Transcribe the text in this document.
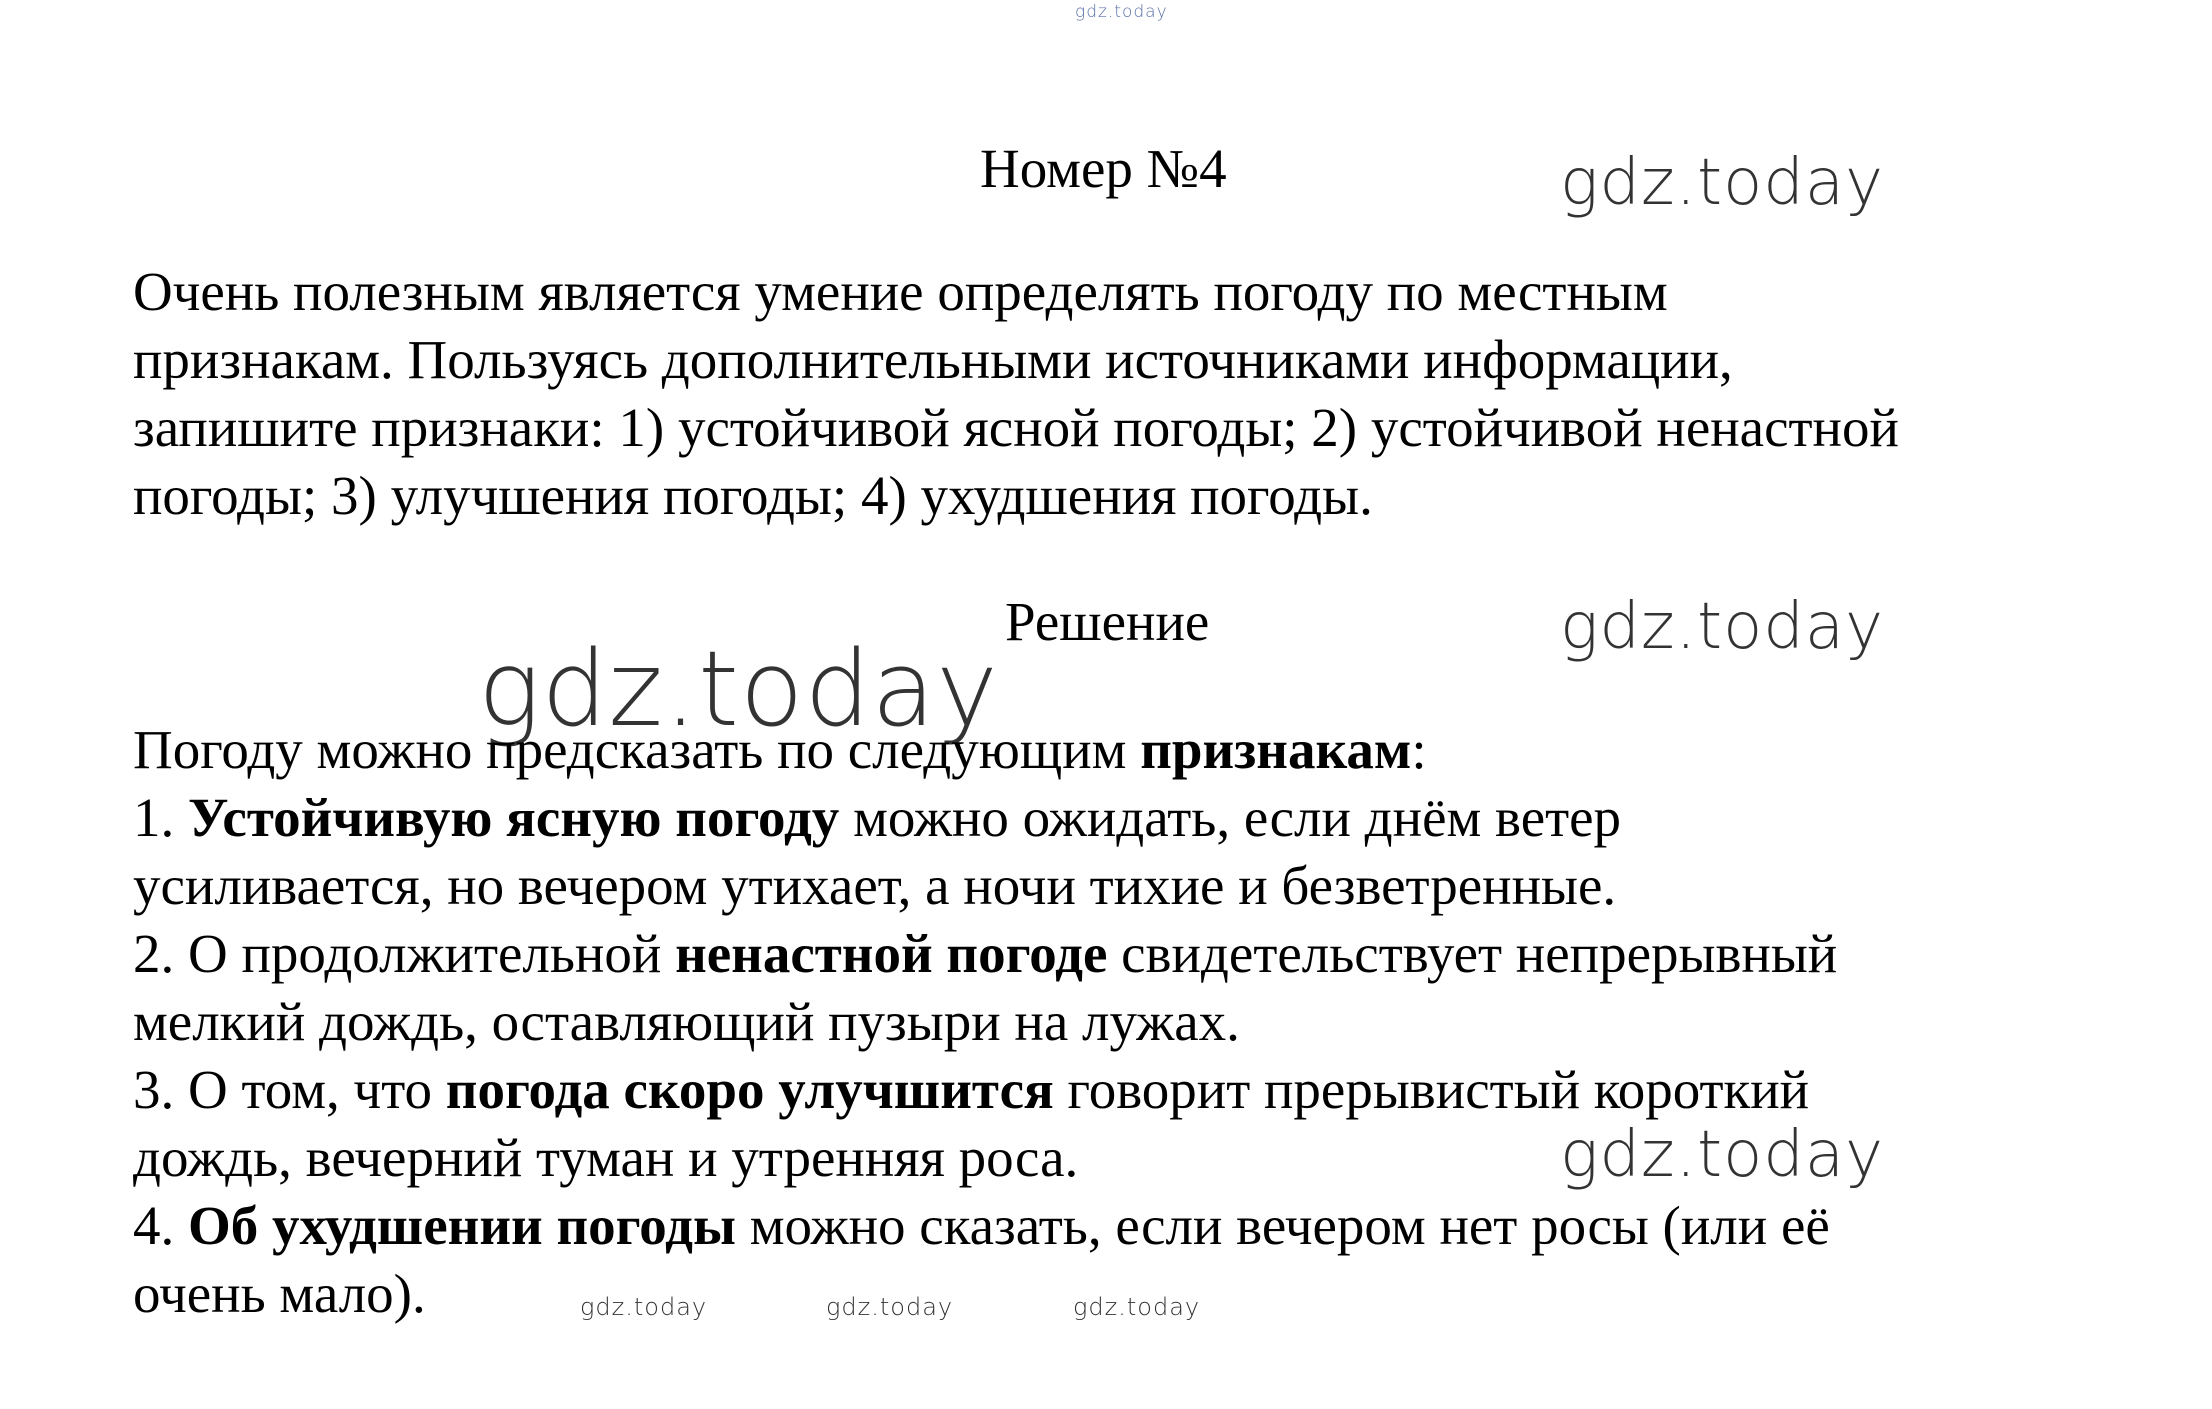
gdz.today
Номер №4	gdz.today
Очень полезным является умение определять погоду по местным
признакам. Пользуясь дополнительными источниками информации,
запишите признаки: 1) устойчивой ясной погоды; 2) устойчивой ненастной
погоды; 3) улучшения погоды; 4) ухудшения погоды.
Решение	gdz.today
gdz.today
Погоду можно предсказать по следующим признакам:
1. Устойчивую ясную погоду можно ожидать, если днём ветер
усиливается, но вечером утихает, а ночи тихие и безветренные.
2. О продолжительной ненастной погоде свидетельствует непрерывный
мелкий дождь, оставляющий пузыри на лужах.
3. О том, что погода скоро улучшится говорит прерывистый короткий
дождь, вечерний туман и утренняя роса.
4. Об ухудшении погоды можно сказать, если вечером нет росы (или её
очень мало).
gdz.today
gdz.today	gdz.today	gdz.today
